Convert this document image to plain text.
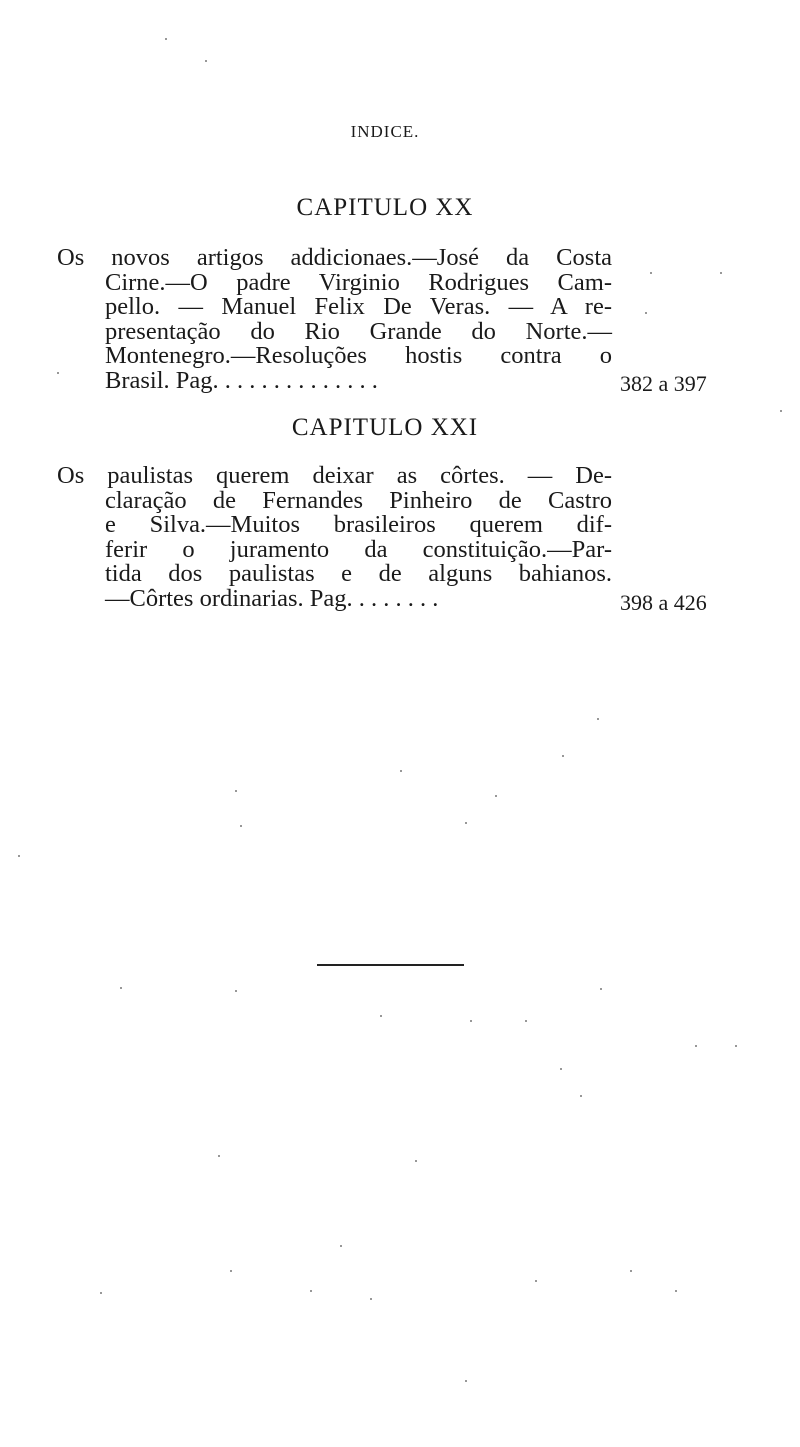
INDICE.
CAPITULO XX
Os novos artigos addicionaes.—José da Costa
Cirne.—O padre Virginio Rodrigues Cam-
pello. — Manuel Felix De Veras. — A re-
presentação do Rio Grande do Norte.—
Montenegro.—Resoluções hostis contra o
Brasil. Pag. . . . . . . . . . . . . .	382 a 397
CAPITULO XXI
Os paulistas querem deixar as côrtes. — De-
claração de Fernandes Pinheiro de Castro
e Silva.—Muitos brasileiros querem dif-
ferir o juramento da constituição.—Par-
tida dos paulistas e de alguns bahianos.
—Côrtes ordinarias. Pag. . . . . . . .	398 a 426
